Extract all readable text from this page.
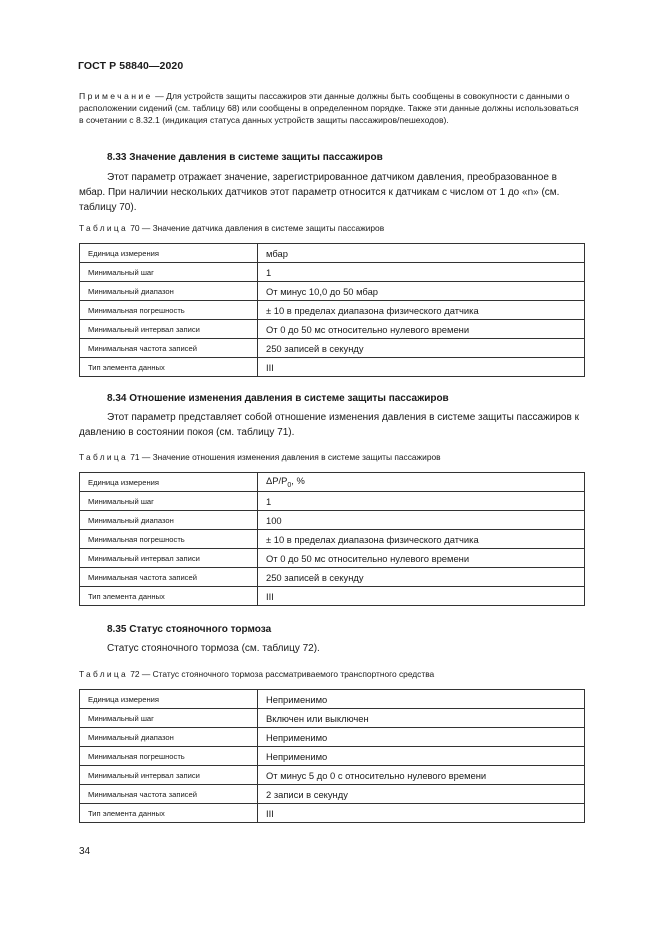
ГОСТ Р 58840—2020
Примечание — Для устройств защиты пассажиров эти данные должны быть сообщены в совокупности с данными о расположении сидений (см. таблицу 68) или сообщены в определенном порядке. Также эти данные должны использоваться в сочетании с 8.32.1 (индикация статуса данных устройств защиты пассажиров/пешеходов).
8.33 Значение давления в системе защиты пассажиров
Этот параметр отражает значение, зарегистрированное датчиком давления, преобразованное в мбар. При наличии нескольких датчиков этот параметр относится к датчикам с числом от 1 до «n» (см. таблицу 70).
Таблица 70 — Значение датчика давления в системе защиты пассажиров
Единица измерения	мбар
Минимальный шаг	1
Минимальный диапазон	От минус 10,0 до 50 мбар
Минимальная погрешность	± 10 в пределах диапазона физического датчика
Минимальный интервал записи	От 0 до 50 мс относительно нулевого времени
Минимальная частота записей	250 записей в секунду
Тип элемента данных	III
8.34 Отношение изменения давления в системе защиты пассажиров
Этот параметр представляет собой отношение изменения давления в системе защиты пассажиров к давлению в состоянии покоя (см. таблицу 71).
Таблица 71 — Значение отношения изменения давления в системе защиты пассажиров
Единица измерения	$\Delta P/P_0$, %
Минимальный шаг	1
Минимальный диапазон	100
Минимальная погрешность	± 10 в пределах диапазона физического датчика
Минимальный интервал записи	От 0 до 50 мс относительно нулевого времени
Минимальная частота записей	250 записей в секунду
Тип элемента данных	III
8.35 Статус стояночного тормоза
Статус стояночного тормоза (см. таблицу 72).
Таблица 72 — Статус стояночного тормоза рассматриваемого транспортного средства
Единица измерения	Неприменимо
Минимальный шаг	Включен или выключен
Минимальный диапазон	Неприменимо
Минимальная погрешность	Неприменимо
Минимальный интервал записи	От минус 5 до 0 с относительно нулевого времени
Минимальная частота записей	2 записи в секунду
Тип элемента данных	III
34
